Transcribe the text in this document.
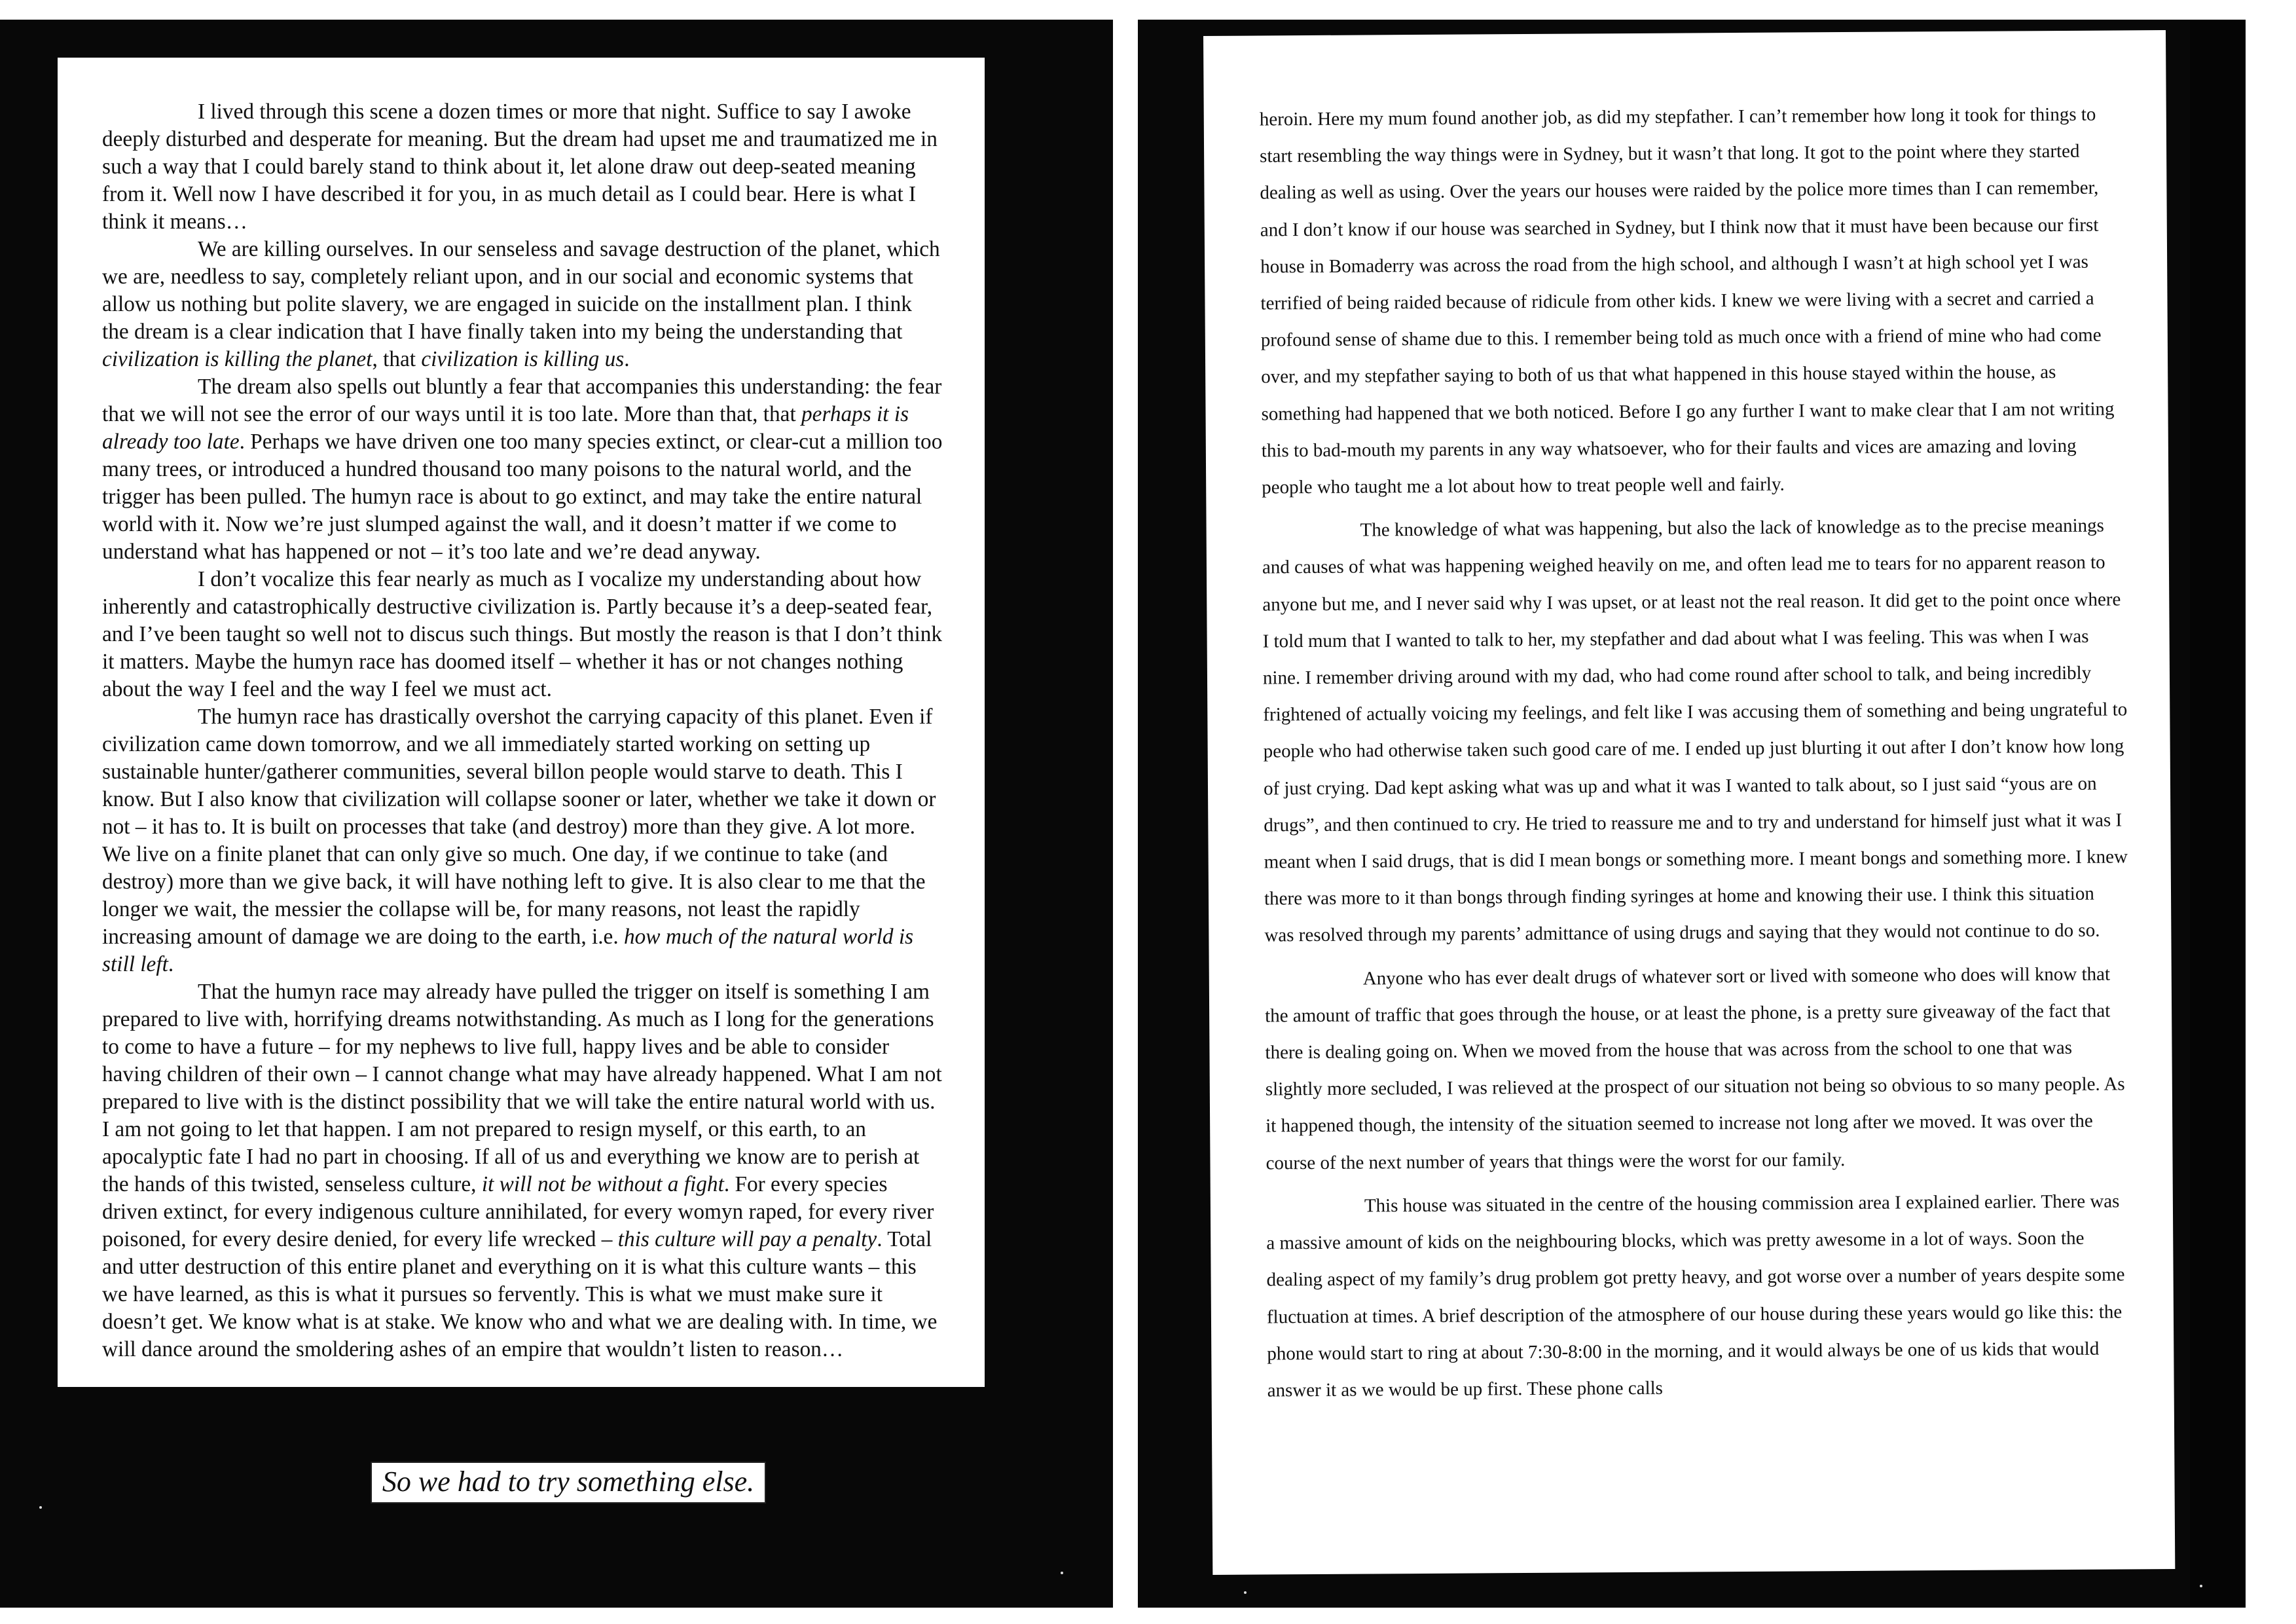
I lived through this scene a dozen times or more that night. Suffice to say I awoke deeply disturbed and desperate for meaning. But the dream had upset me and traumatized me in such a way that I could barely stand to think about it, let alone draw out deep-seated meaning from it. Well now I have described it for you, in as much detail as I could bear. Here is what I think it means…

We are killing ourselves. In our senseless and savage destruction of the planet, which we are, needless to say, completely reliant upon, and in our social and economic systems that allow us nothing but polite slavery, we are engaged in suicide on the installment plan. I think the dream is a clear indication that I have finally taken into my being the understanding that civilization is killing the planet, that civilization is killing us.

The dream also spells out bluntly a fear that accompanies this understanding: the fear that we will not see the error of our ways until it is too late. More than that, that perhaps it is already too late. Perhaps we have driven one too many species extinct, or clear-cut a million too many trees, or introduced a hundred thousand too many poisons to the natural world, and the trigger has been pulled. The humyn race is about to go extinct, and may take the entire natural world with it. Now we’re just slumped against the wall, and it doesn’t matter if we come to understand what has happened or not – it’s too late and we’re dead anyway.

I don’t vocalize this fear nearly as much as I vocalize my understanding about how inherently and catastrophically destructive civilization is. Partly because it’s a deep-seated fear, and I’ve been taught so well not to discus such things. But mostly the reason is that I don’t think it matters. Maybe the humyn race has doomed itself – whether it has or not changes nothing about the way I feel and the way I feel we must act.

The humyn race has drastically overshot the carrying capacity of this planet. Even if civilization came down tomorrow, and we all immediately started working on setting up sustainable hunter/gatherer communities, several billon people would starve to death. This I know. But I also know that civilization will collapse sooner or later, whether we take it down or not – it has to. It is built on processes that take (and destroy) more than they give. A lot more. We live on a finite planet that can only give so much. One day, if we continue to take (and destroy) more than we give back, it will have nothing left to give. It is also clear to me that the longer we wait, the messier the collapse will be, for many reasons, not least the rapidly increasing amount of damage we are doing to the earth, i.e. how much of the natural world is still left.

That the humyn race may already have pulled the trigger on itself is something I am prepared to live with, horrifying dreams notwithstanding. As much as I long for the generations to come to have a future – for my nephews to live full, happy lives and be able to consider having children of their own – I cannot change what may have already happened. What I am not prepared to live with is the distinct possibility that we will take the entire natural world with us. I am not going to let that happen. I am not prepared to resign myself, or this earth, to an apocalyptic fate I had no part in choosing. If all of us and everything we know are to perish at the hands of this twisted, senseless culture, it will not be without a fight. For every species driven extinct, for every indigenous culture annihilated, for every womyn raped, for every river poisoned, for every desire denied, for every life wrecked – this culture will pay a penalty. Total and utter destruction of this entire planet and everything on it is what this culture wants – this we have learned, as this is what it pursues so fervently. This is what we must make sure it doesn’t get. We know what is at stake. We know who and what we are dealing with. In time, we will dance around the smoldering ashes of an empire that wouldn’t listen to reason…

So we had to try something else.

heroin. Here my mum found another job, as did my stepfather. I can’t remember how long it took for things to start resembling the way things were in Sydney, but it wasn’t that long. It got to the point where they started dealing as well as using. Over the years our houses were raided by the police more times than I can remember, and I don’t know if our house was searched in Sydney, but I think now that it must have been because our first house in Bomaderry was across the road from the high school, and although I wasn’t at high school yet I was terrified of being raided because of ridicule from other kids. I knew we were living with a secret and carried a profound sense of shame due to this. I remember being told as much once with a friend of mine who had come over, and my stepfather saying to both of us that what happened in this house stayed within the house, as something had happened that we both noticed. Before I go any further I want to make clear that I am not writing this to bad-mouth my parents in any way whatsoever, who for their faults and vices are amazing and loving people who taught me a lot about how to treat people well and fairly.

The knowledge of what was happening, but also the lack of knowledge as to the precise meanings and causes of what was happening weighed heavily on me, and often lead me to tears for no apparent reason to anyone but me, and I never said why I was upset, or at least not the real reason. It did get to the point once where I told mum that I wanted to talk to her, my stepfather and dad about what I was feeling. This was when I was nine. I remember driving around with my dad, who had come round after school to talk, and being incredibly frightened of actually voicing my feelings, and felt like I was accusing them of something and being ungrateful to people who had otherwise taken such good care of me. I ended up just blurting it out after I don’t know how long of just crying. Dad kept asking what was up and what it was I wanted to talk about, so I just said “yous are on drugs”, and then continued to cry. He tried to reassure me and to try and understand for himself just what it was I meant when I said drugs, that is did I mean bongs or something more. I meant bongs and something more. I knew there was more to it than bongs through finding syringes at home and knowing their use. I think this situation was resolved through my parents’ admittance of using drugs and saying that they would not continue to do so.

Anyone who has ever dealt drugs of whatever sort or lived with someone who does will know that the amount of traffic that goes through the house, or at least the phone, is a pretty sure giveaway of the fact that there is dealing going on. When we moved from the house that was across from the school to one that was slightly more secluded, I was relieved at the prospect of our situation not being so obvious to so many people. As it happened though, the intensity of the situation seemed to increase not long after we moved. It was over the course of the next number of years that things were the worst for our family.

This house was situated in the centre of the housing commission area I explained earlier. There was a massive amount of kids on the neighbouring blocks, which was pretty awesome in a lot of ways. Soon the dealing aspect of my family’s drug problem got pretty heavy, and got worse over a number of years despite some fluctuation at times. A brief description of the atmosphere of our house during these years would go like this: the phone would start to ring at about 7:30-8:00 in the morning, and it would always be one of us kids that would answer it as we would be up first. These phone calls
